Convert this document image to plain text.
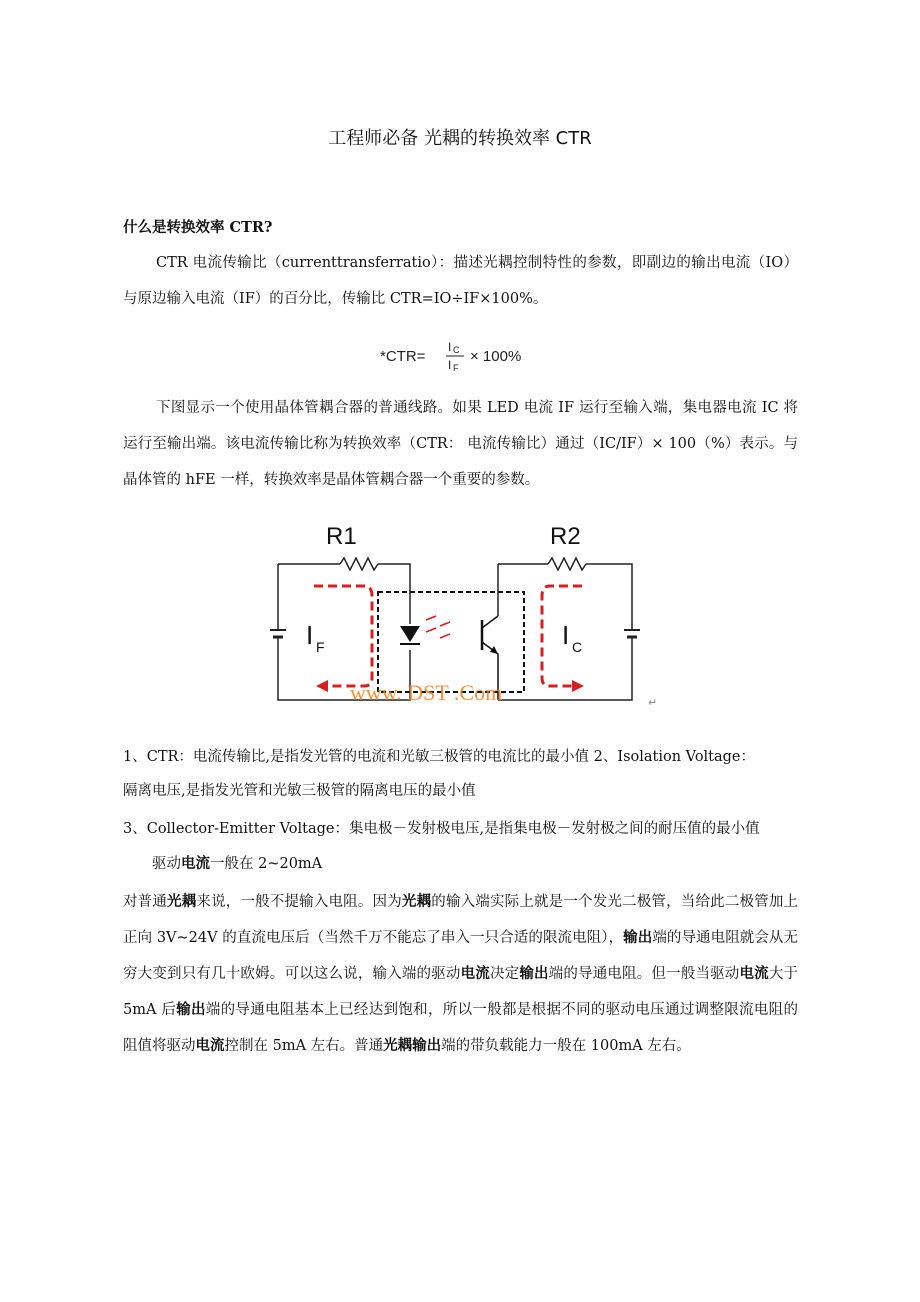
工程师必备 光耦的转换效率 CTR
什么是转换效率 CTR?
CTR 电流传输比（currenttransferratio）：描述光耦控制特性的参数，即副边的输出电流（IO）与原边输入电流（IF）的百分比，传输比 CTR=IO÷IF×100%。
*CTR=
I C
I F
× 100%
下图显示一个使用晶体管耦合器的普通线路。如果 LED 电流 IF 运行至输入端，集电器电流 IC 将运行至输出端。该电流传输比称为转换效率（CTR： 电流传输比）通过（IC/IF）× 100（%）表示。与晶体管的 hFE 一样，转换效率是晶体管耦合器一个重要的参数。
R1	R2
I F	I C
www. DST .Com	↵
1、CTR：电流传输比,是指发光管的电流和光敏三极管的电流比的最小值 2、Isolation Voltage：
隔离电压,是指发光管和光敏三极管的隔离电压的最小值
3、Collector-Emitter Voltage：集电极－发射极电压,是指集电极－发射极之间的耐压值的最小值
驱动电流一般在 2~20mA
对普通光耦来说，一般不提输入电阻。因为光耦的输入端实际上就是一个发光二极管，当给此二极管加上正向 3V~24V 的直流电压后（当然千万不能忘了串入一只合适的限流电阻），输出端的导通电阻就会从无穷大变到只有几十欧姆。可以这么说，输入端的驱动电流决定输出端的导通电阻。但一般当驱动电流大于 5mA 后输出端的导通电阻基本上已经达到饱和，所以一般都是根据不同的驱动电压通过调整限流电阻的阻值将驱动电流控制在 5mA 左右。普通光耦输出端的带负载能力一般在 100mA 左右。
